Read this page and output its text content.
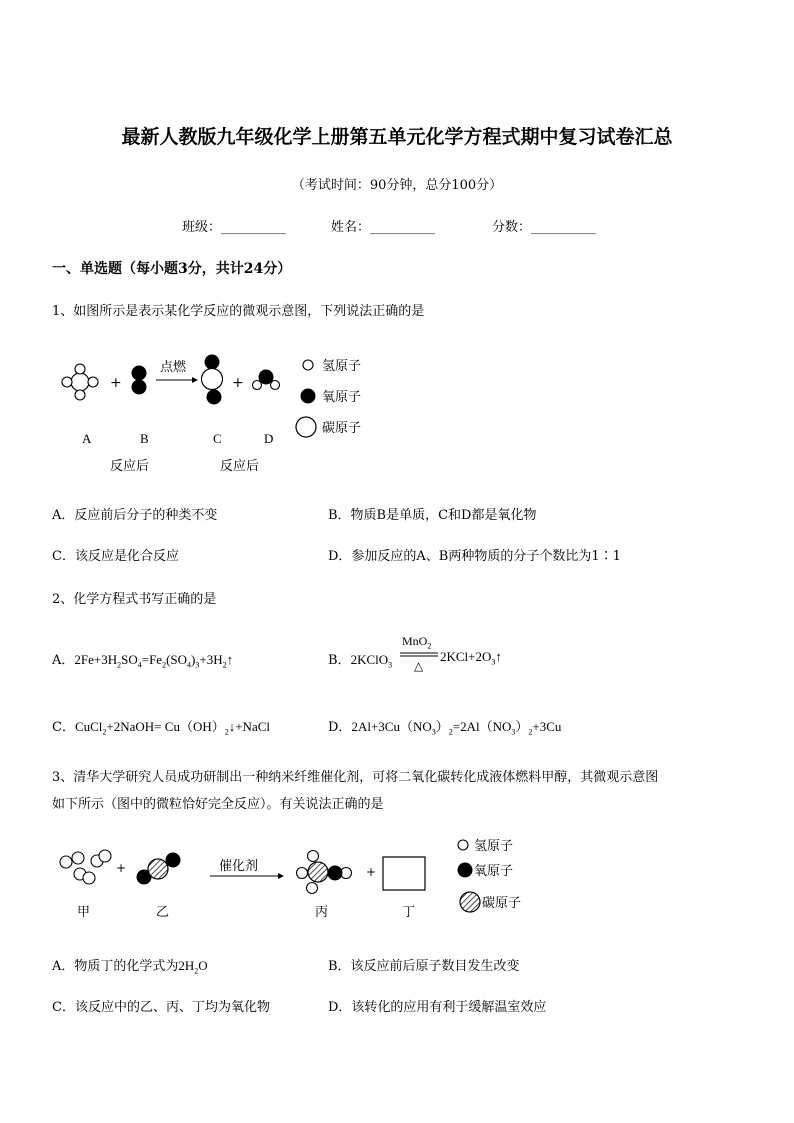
最新人教版九年级化学上册第五单元化学方程式期中复习试卷汇总
（考试时间：90分钟，总分100分）
班级：__________	姓名：__________	分数：__________
一、单选题（每小题3分，共计24分）
1、如图所示是表示某化学反应的微观示意图，下列说法正确的是
+
点燃
+
A	B	C	D
反应后	反应后
氢原子
氧原子
碳原子
A．反应前后分子的种类不变	B．物质B是单质，C和D都是氧化物
C．该反应是化合反应	D．参加反应的A、B两种物质的分子个数比为1∶1
2、化学方程式书写正确的是
A．$2Fe+3H_2SO_4=Fe_2(SO_4)_3+3H_2↑$	B．2KClO$_3$
MnO$_2$
△
$2KCl+2O_3↑$
C．CuCl$_2$+2NaOH= $Cu(OH)_2↓+NaCl$	D．$2Al+3Cu(NO_3)_2=2Al(NO_3)_2+3Cu$
3、清华大学研究人员成功研制出一种纳米纤维催化剂，可将二氧化碳转化成液体燃料甲醇，其微观示意图
如下所示（图中的微粒恰好完全反应）。有关说法正确的是
+	催化剂	+
甲	乙	丙	丁
氢原子
氧原子
碳原子
A．物质丁的化学式为$2H_2O$	B．该反应前后原子数目发生改变
C．该反应中的乙、丙、丁均为氧化物	D．该转化的应用有利于缓解温室效应
